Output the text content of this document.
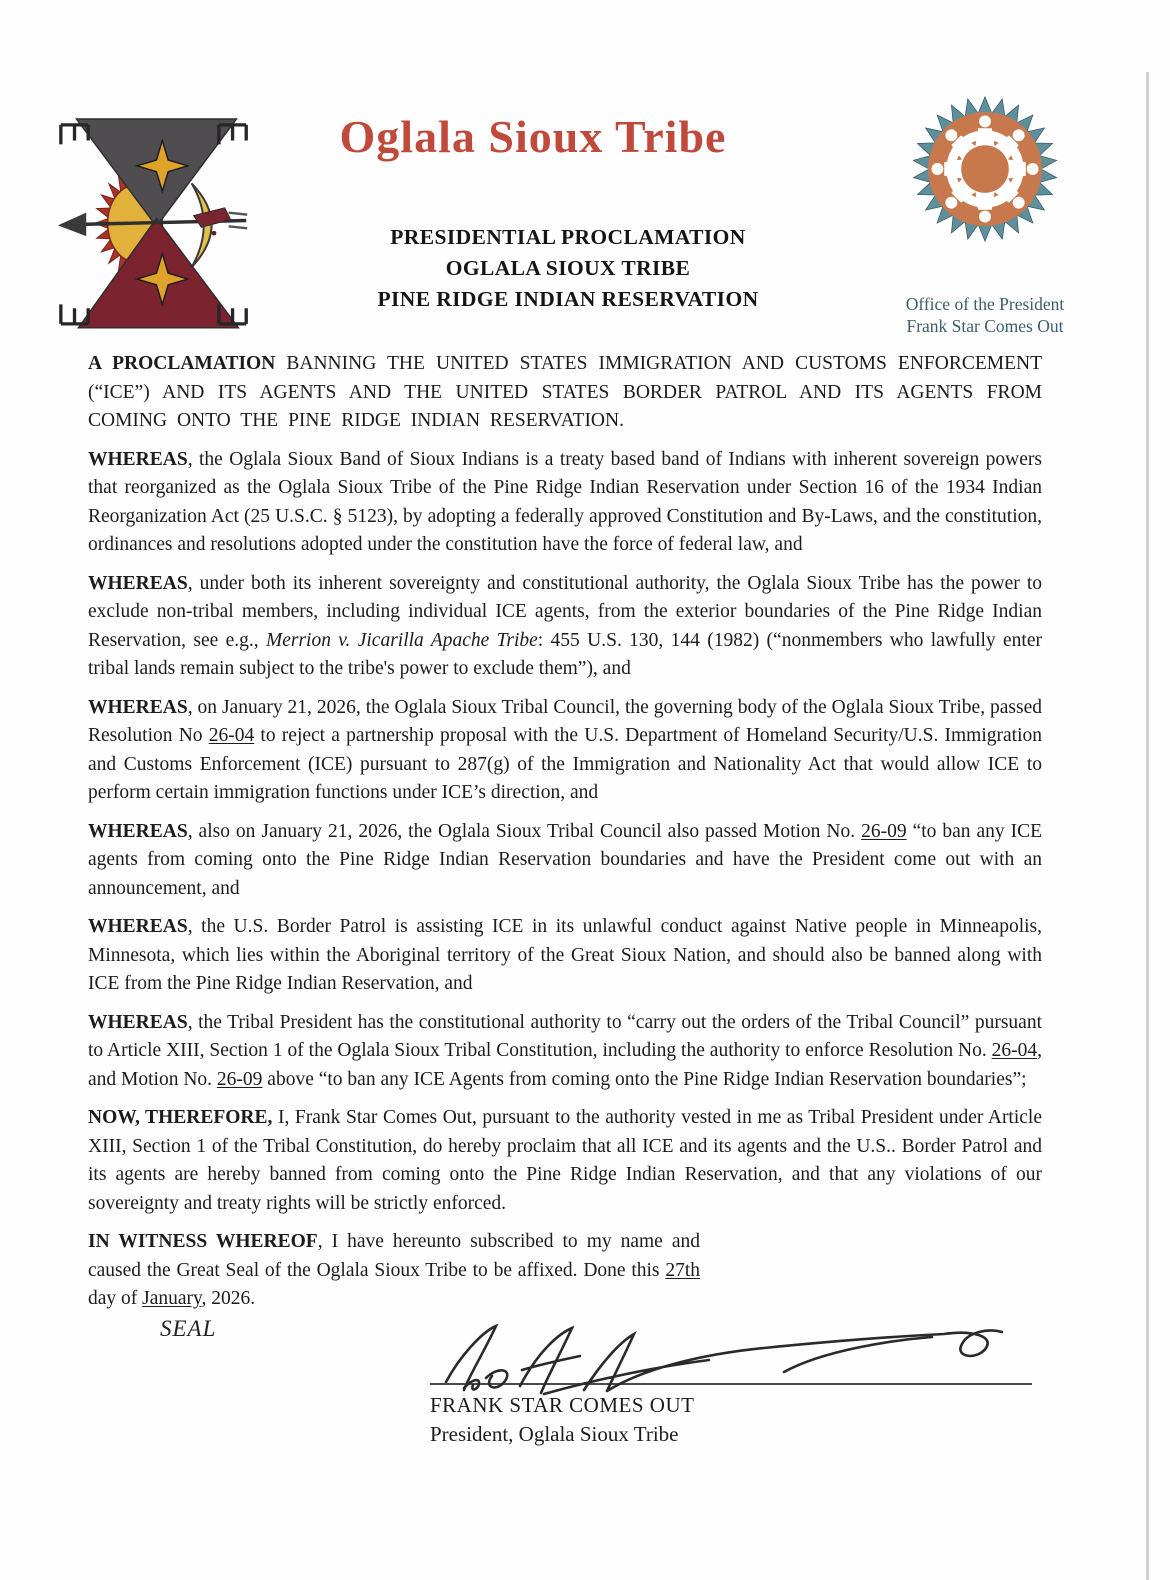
Oglala Sioux Tribe
PRESIDENTIAL PROCLAMATION
OGLALA SIOUX TRIBE
PINE RIDGE INDIAN RESERVATION	Office of the President
Frank Star Comes Out

A PROCLAMATION BANNING THE UNITED STATES IMMIGRATION AND CUSTOMS ENFORCEMENT (“ICE”) AND ITS AGENTS AND THE UNITED STATES BORDER PATROL AND ITS AGENTS FROM COMING ONTO THE PINE RIDGE INDIAN RESERVATION.

WHEREAS, the Oglala Sioux Band of Sioux Indians is a treaty based band of Indians with inherent sovereign powers that reorganized as the Oglala Sioux Tribe of the Pine Ridge Indian Reservation under Section 16 of the 1934 Indian Reorganization Act (25 U.S.C. § 5123), by adopting a federally approved Constitution and By-Laws, and the constitution, ordinances and resolutions adopted under the constitution have the force of federal law, and

WHEREAS, under both its inherent sovereignty and constitutional authority, the Oglala Sioux Tribe has the power to exclude non-tribal members, including individual ICE agents, from the exterior boundaries of the Pine Ridge Indian Reservation, see e.g., Merrion v. Jicarilla Apache Tribe: 455 U.S. 130, 144 (1982) (“nonmembers who lawfully enter tribal lands remain subject to the tribe's power to exclude them”), and

WHEREAS, on January 21, 2026, the Oglala Sioux Tribal Council, the governing body of the Oglala Sioux Tribe, passed Resolution No 26-04 to reject a partnership proposal with the U.S. Department of Homeland Security/U.S. Immigration and Customs Enforcement (ICE) pursuant to 287(g) of the Immigration and Nationality Act that would allow ICE to perform certain immigration functions under ICE’s direction, and

WHEREAS, also on January 21, 2026, the Oglala Sioux Tribal Council also passed Motion No. 26-09 “to ban any ICE agents from coming onto the Pine Ridge Indian Reservation boundaries and have the President come out with an announcement, and

WHEREAS, the U.S. Border Patrol is assisting ICE in its unlawful conduct against Native people in Minneapolis, Minnesota, which lies within the Aboriginal territory of the Great Sioux Nation, and should also be banned along with ICE from the Pine Ridge Indian Reservation, and

WHEREAS, the Tribal President has the constitutional authority to “carry out the orders of the Tribal Council” pursuant to Article XIII, Section 1 of the Oglala Sioux Tribal Constitution, including the authority to enforce Resolution No. 26-04, and Motion No. 26-09 above “to ban any ICE Agents from coming onto the Pine Ridge Indian Reservation boundaries”;

NOW, THEREFORE, I, Frank Star Comes Out, pursuant to the authority vested in me as Tribal President under Article XIII, Section 1 of the Tribal Constitution, do hereby proclaim that all ICE and its agents and the U.S.. Border Patrol and its agents are hereby banned from coming onto the Pine Ridge Indian Reservation, and that any violations of our sovereignty and treaty rights will be strictly enforced.

IN WITNESS WHEREOF, I have hereunto subscribed to my name and caused the Great Seal of the Oglala Sioux Tribe to be affixed. Done this 27th day of January, 2026.

SEAL
FRANK STAR COMES OUT
President, Oglala Sioux Tribe
